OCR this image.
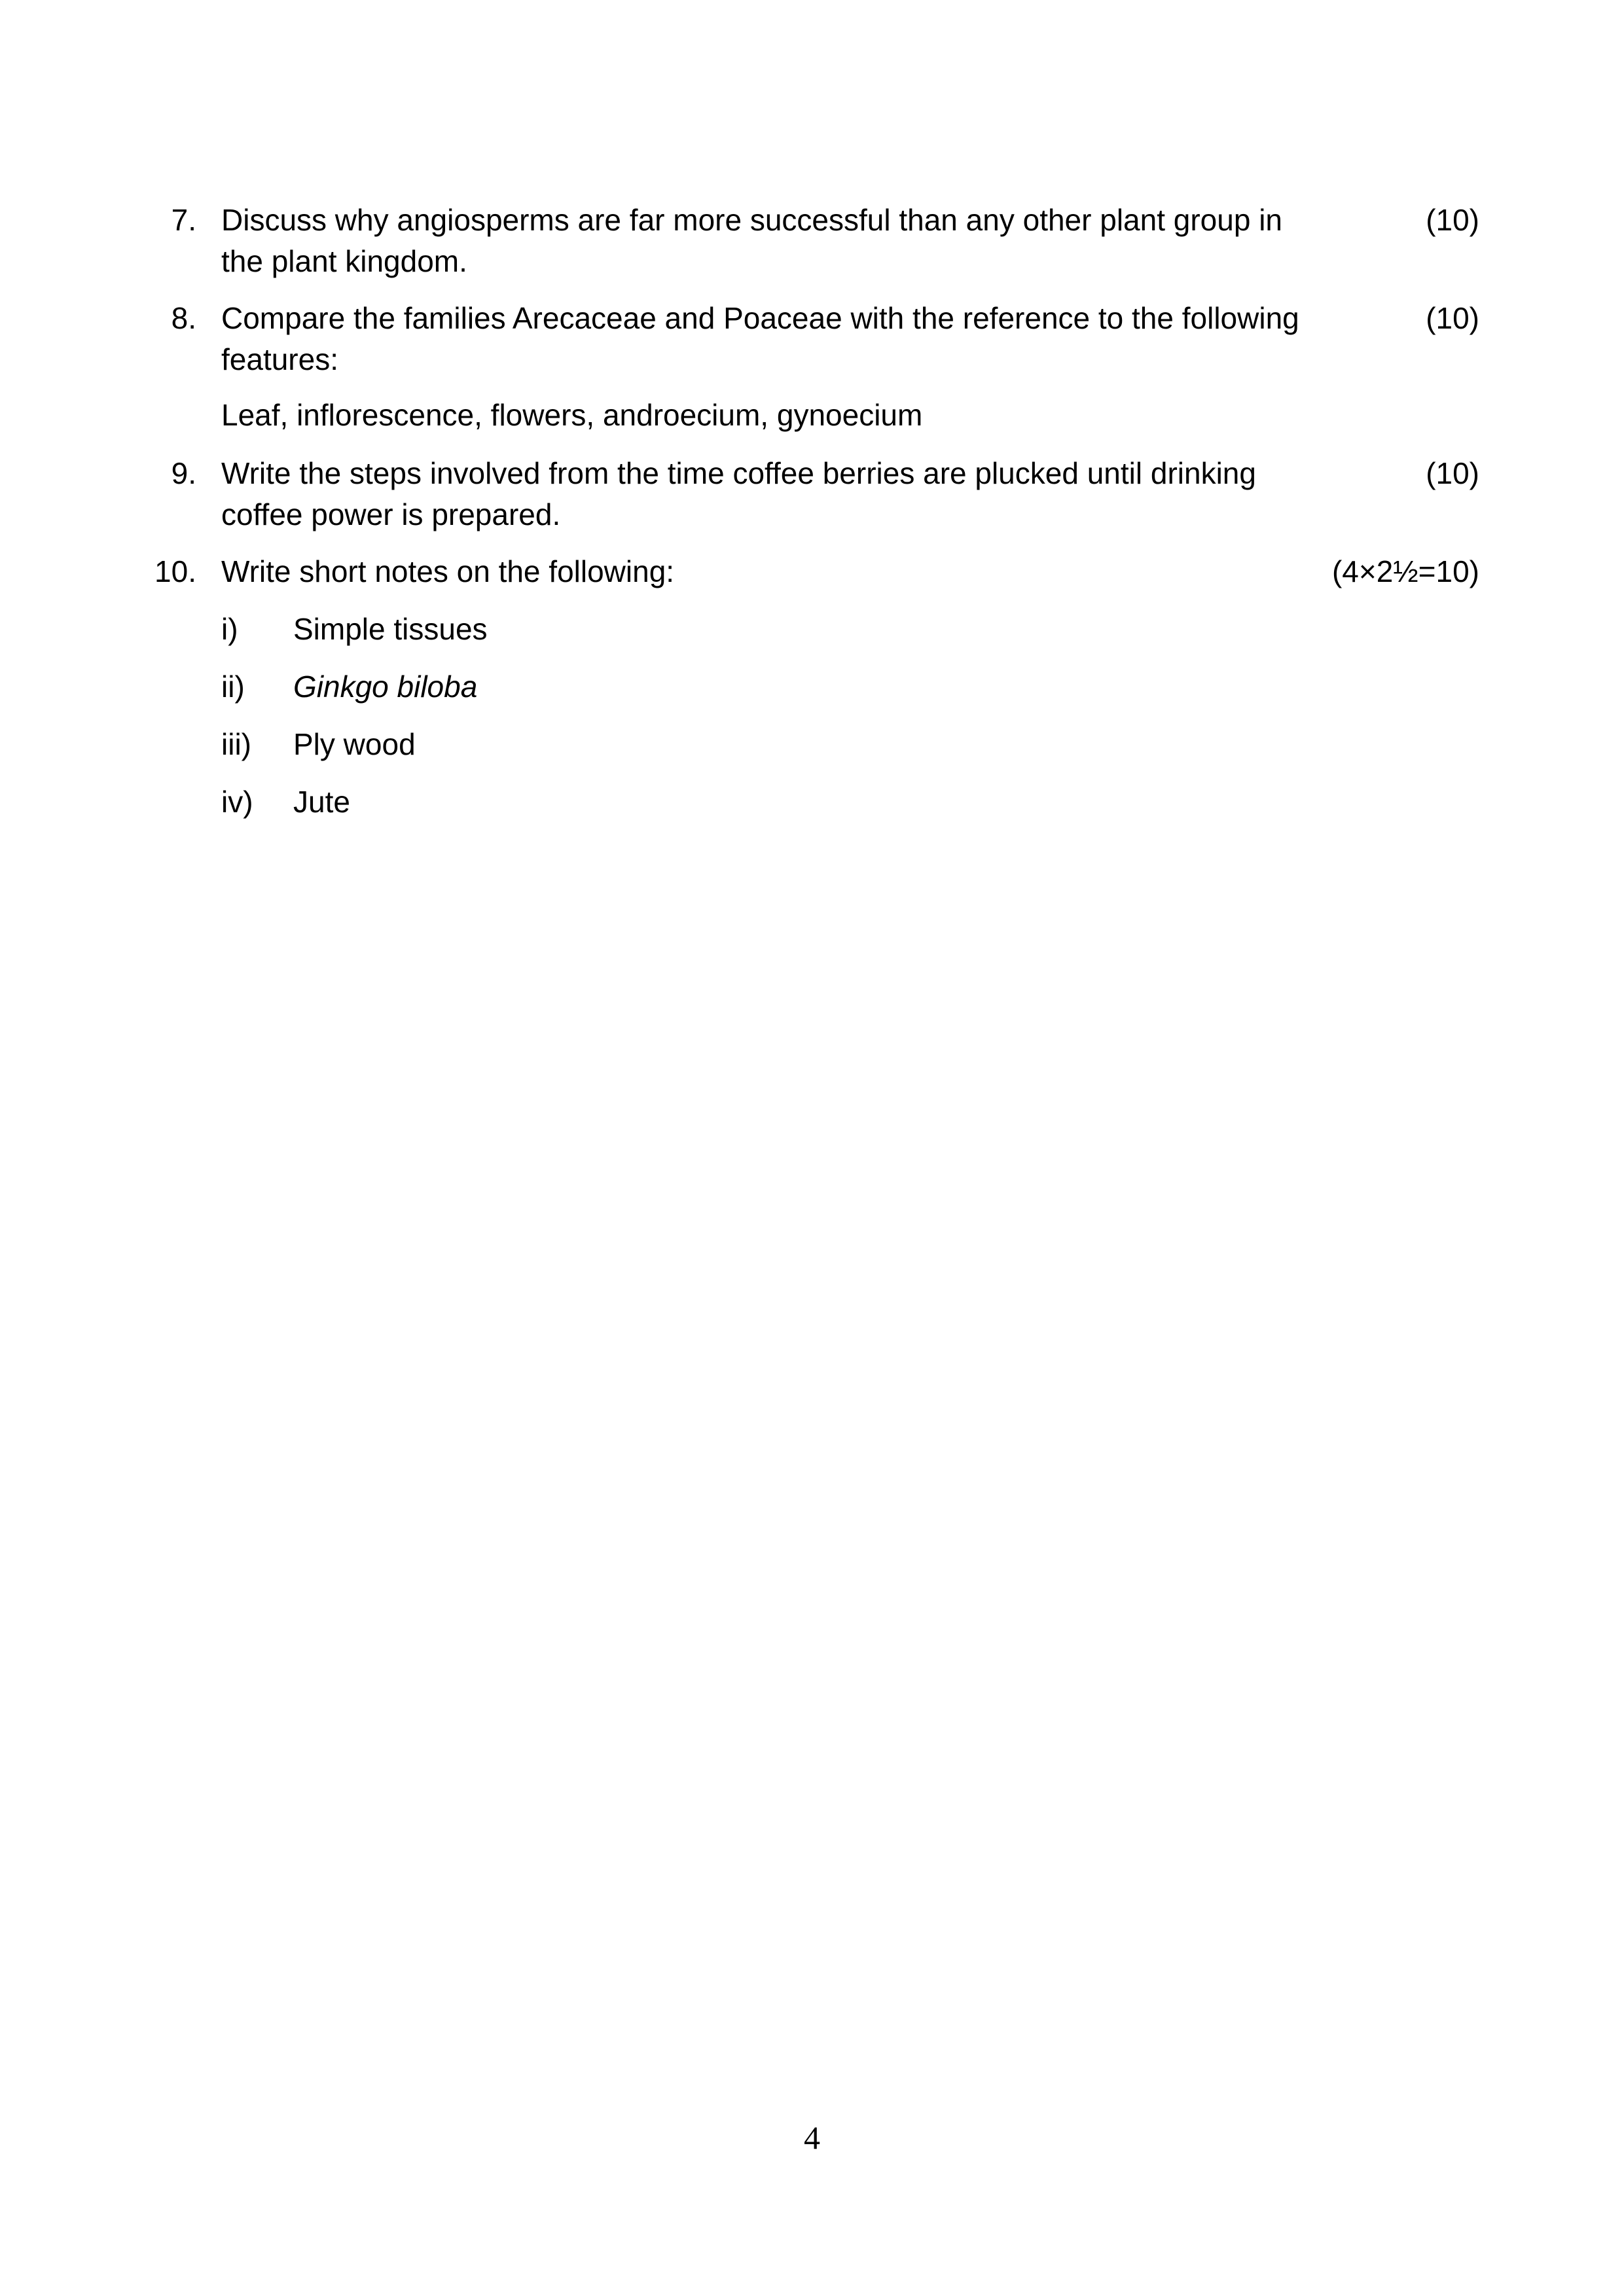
7. Discuss why angiosperms are far more successful than any other plant group in the plant kingdom.
(10)
8. Compare the families Arecaceae and Poaceae with the reference to the following features:
(10)
Leaf, inflorescence, flowers, androecium, gynoecium
9. Write the steps involved from the time coffee berries are plucked until drinking coffee power is prepared.
(10)
10. Write short notes on the following:	(4×2½=10)
i) Simple tissues
ii) Ginkgo biloba
iii) Ply wood
iv) Jute
4
